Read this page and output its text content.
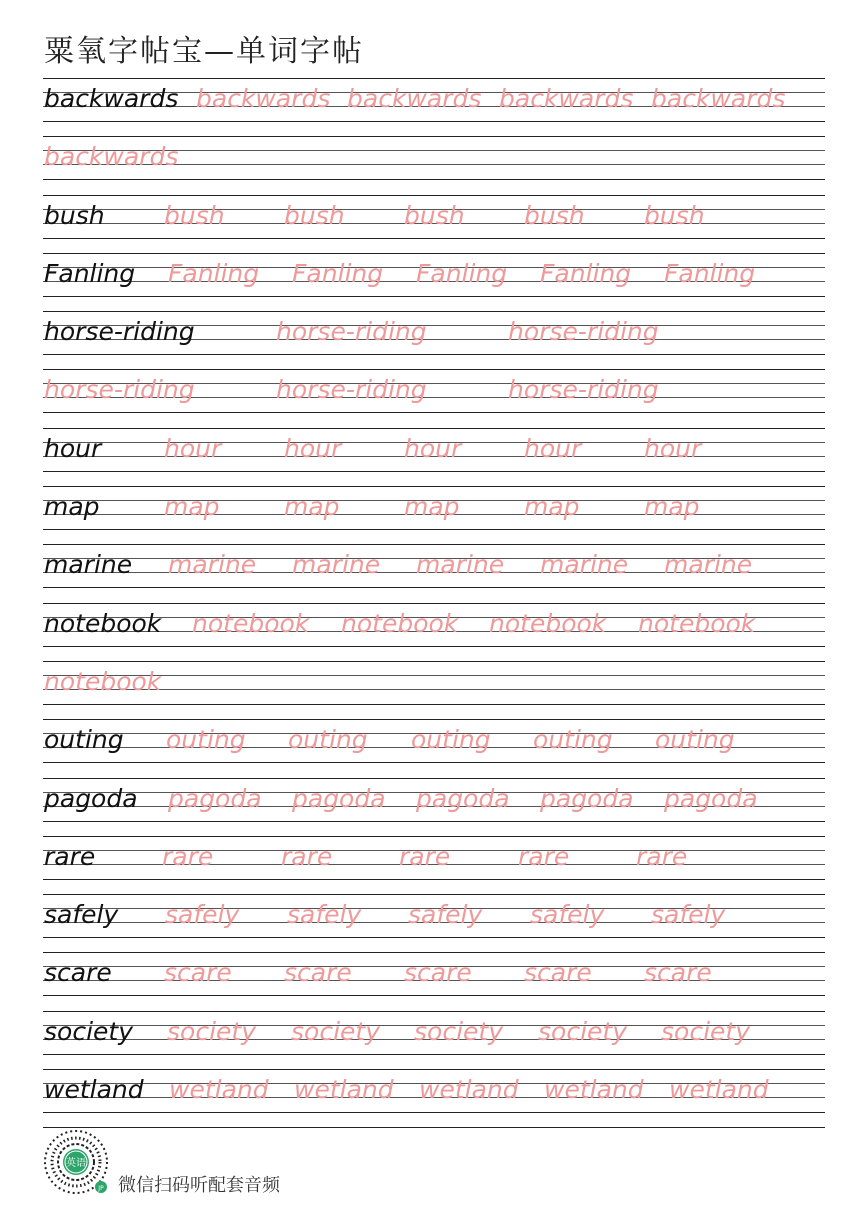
粟氧字帖宝—单词字帖
backwards backwards backwards backwards backwards
backwards
bush bush bush bush bush bush
Fanling Fanling Fanling Fanling Fanling Fanling
horse-riding	horse-riding	horse-riding
horse-riding	horse-riding	horse-riding
hour	hour	hour	hour	hour	hour
map	map	map	map	map	map
marine marine marine marine marine marine
notebook notebook notebook notebook notebook
notebook
outing outing outing outing outing outing
pagoda pagoda pagoda pagoda pagoda pagoda
rare	rare	rare	rare	rare	rare
safely safely safely safely safely safely
scare scare scare scare scare scare
society society society society society society
wetland wetland wetland wetland wetland wetland
英语
JP 微信扫码听配套音频
